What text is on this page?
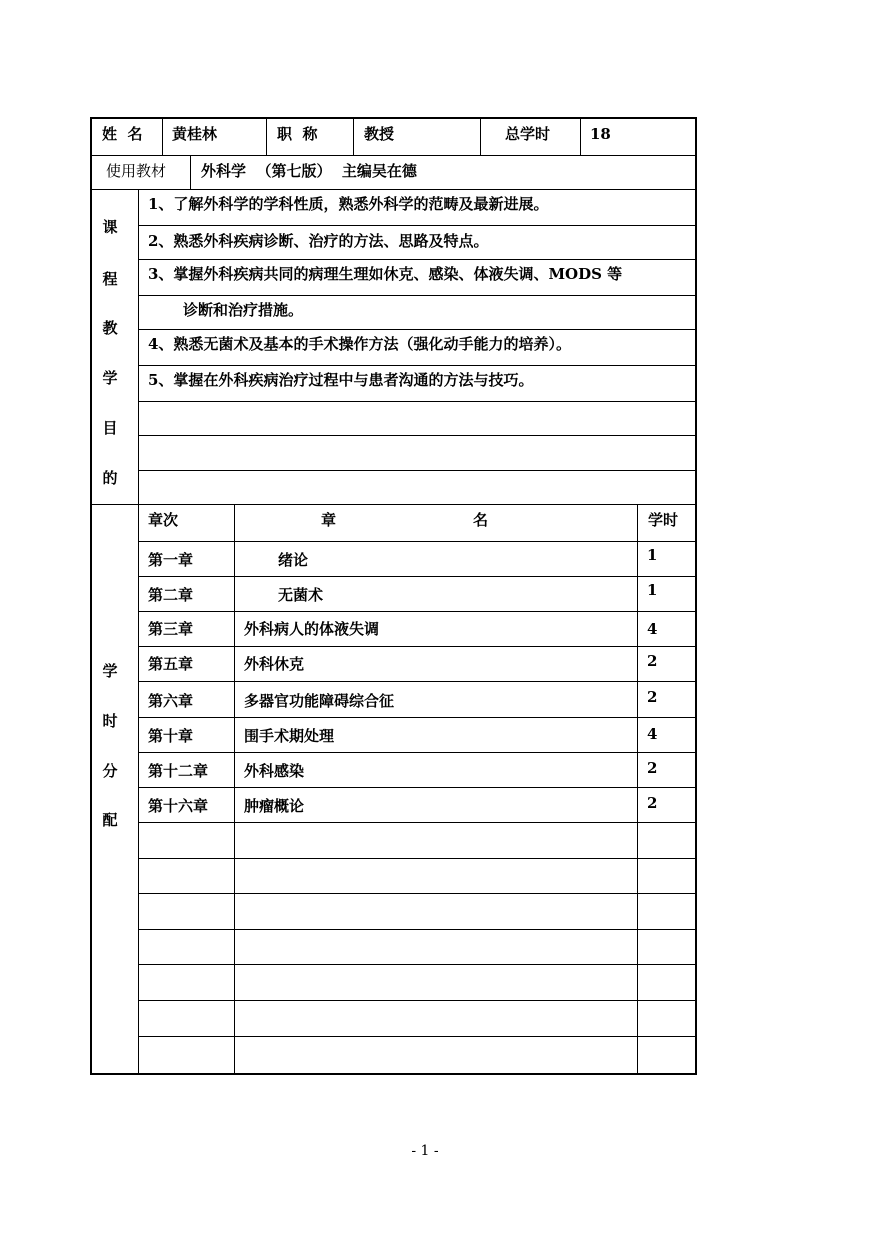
姓  名 黄桂林	职  称	教授	总学时	18
使用教材 外科学  （第七版）  主编吴在德
课
程
教
学
目
的
1、了解外科学的学科性质，熟悉外科学的范畴及最新进展。
2、熟悉外科疾病诊断、治疗的方法、思路及特点。
3、掌握外科疾病共同的病理生理如休克、感染、体液失调、MODS 等
诊断和治疗措施。
4、熟悉无菌术及基本的手术操作方法（强化动手能力的培养）。
5、掌握在外科疾病治疗过程中与患者沟通的方法与技巧。
学
时
分
配
章次	章	名	学时
第一章	绪论	1
第二章	无菌术	1
第三章	外科病人的体液失调	4
第五章	外科休克	2
第六章	多器官功能障碍综合征	2
第十章	围手术期处理	4
第十二章 外科感染	2
第十六章 肿瘤概论	2
- 1 -
